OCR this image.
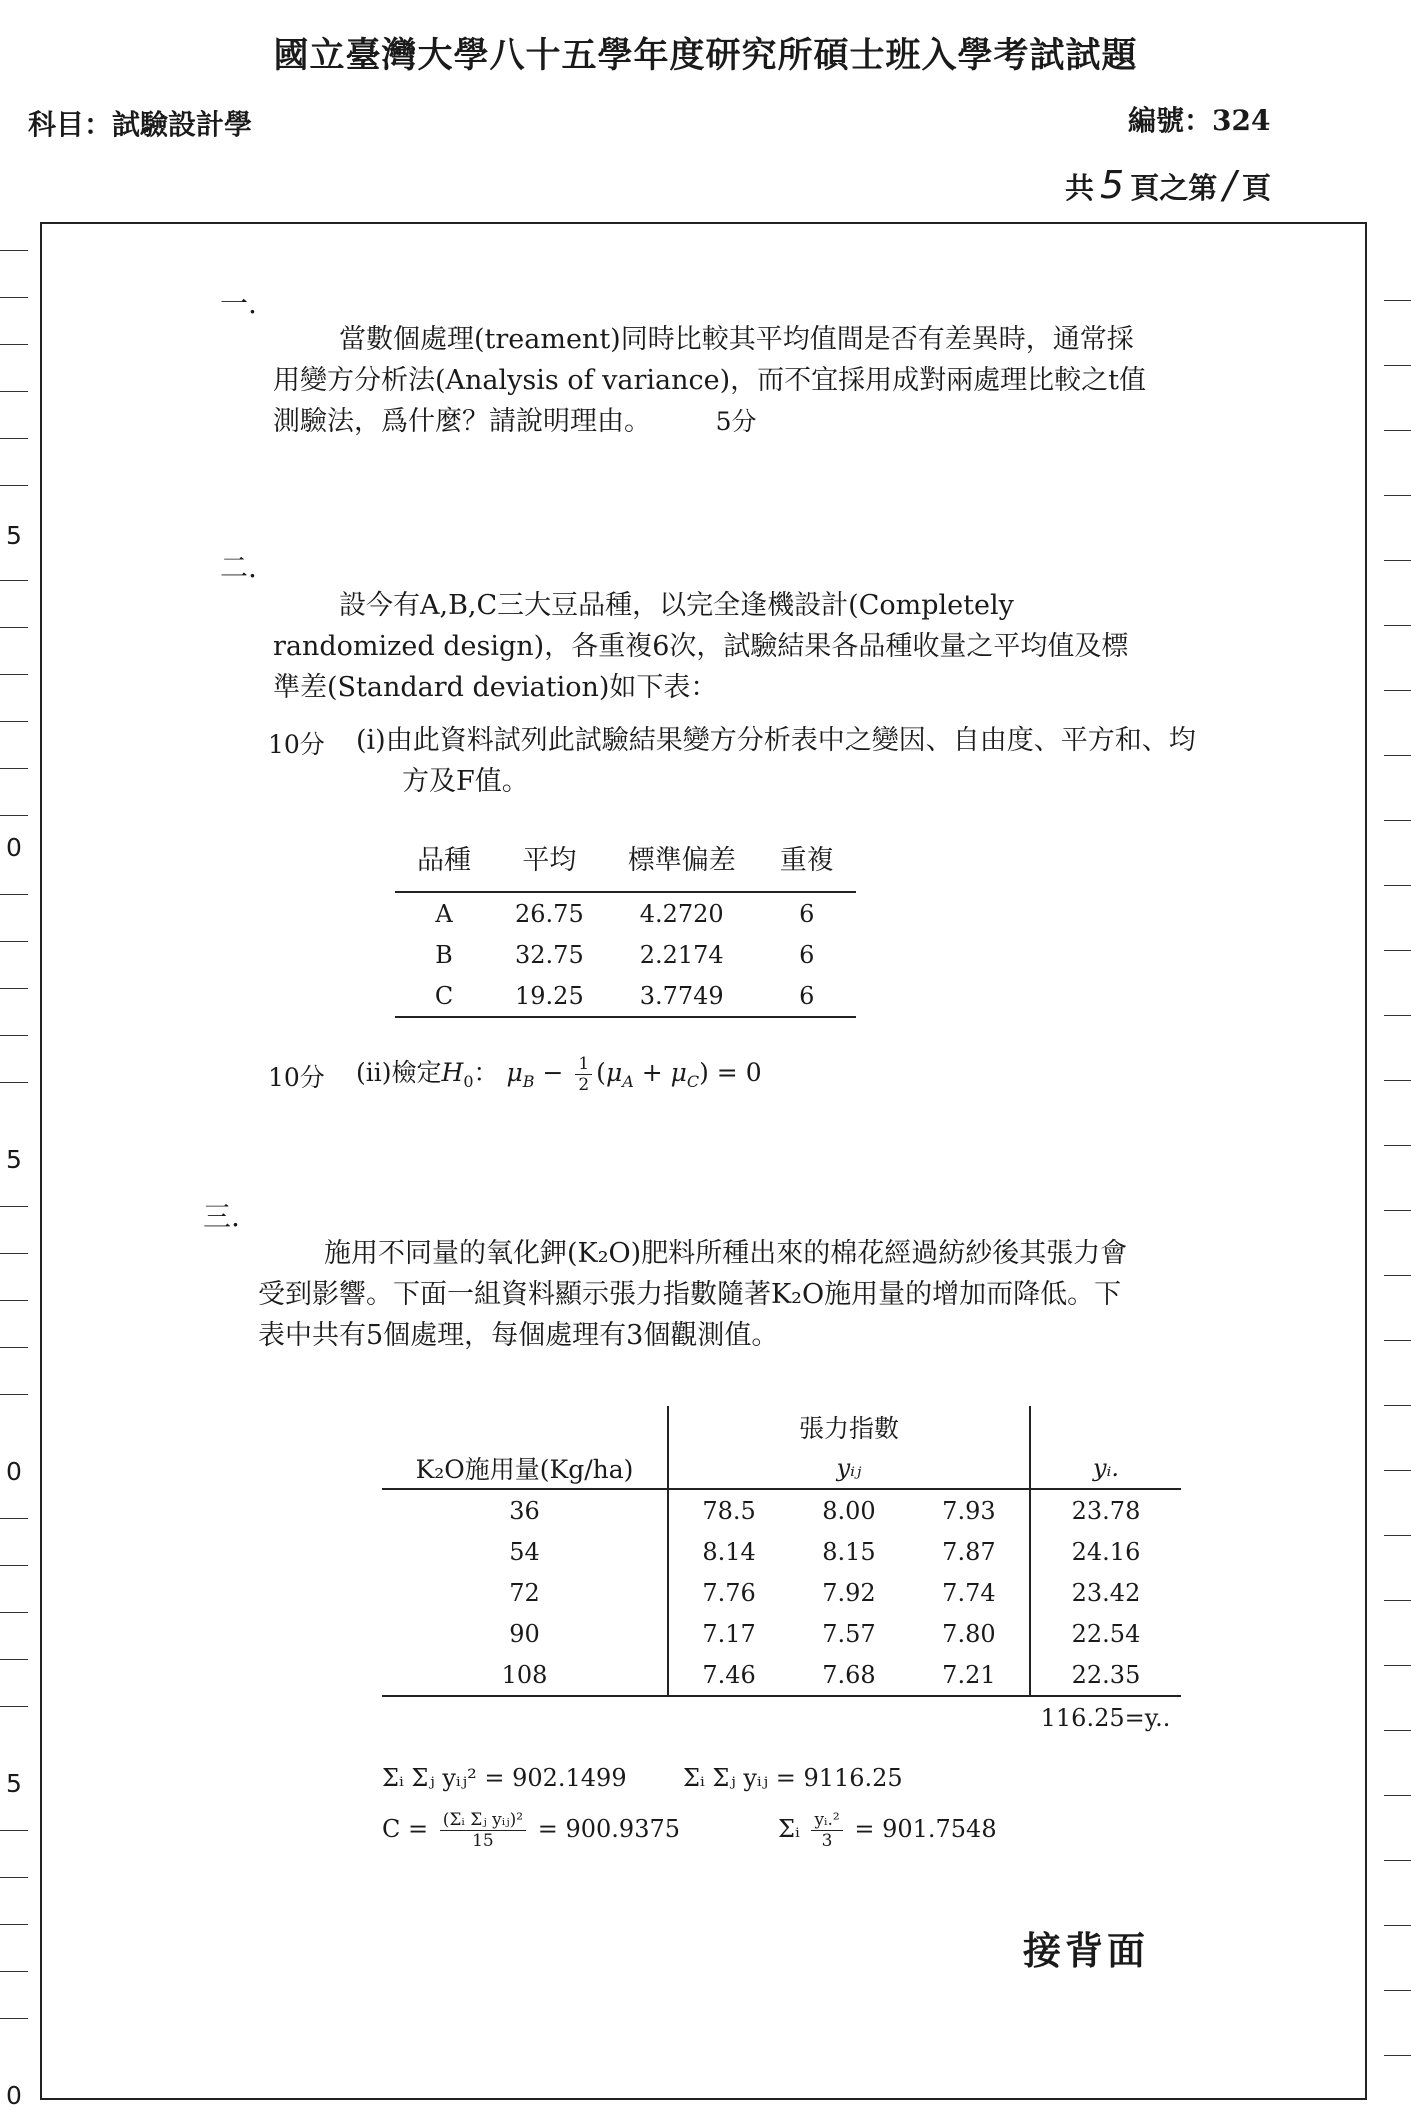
國立臺灣大學八十五學年度研究所碩士班入學考試試題
科目：試驗設計學	編號：324
共 5 頁之第 / 頁
5
0
5
0
5
0
一.
當數個處理(treament)同時比較其平均值間是否有差異時，通常採用變方分析法(Analysis of variance)，而不宜採用成對兩處理比較之t值測驗法，爲什麼？請說明理由。	5分
二.
設今有A,B,C三大豆品種，以完全逢機設計(Completely randomized design)，各重複6次，試驗結果各品種收量之平均值及標準差(Standard deviation)如下表：
10分 (i)由此資料試列此試驗結果變方分析表中之變因、自由度、平方和、均方及F值。
品種	平均	標準偏差	重複
A	26.75	4.2720	6
B	32.75	2.2174	6
C	19.25	3.7749	6
10分 (ii)檢定$H_0$： $\mu_B - \frac{1}{2} (\mu_A + \mu_C) = 0$
三.
施用不同量的氧化鉀(K₂O)肥料所種出來的棉花經過紡紗後其張力會受到影響。下面一組資料顯示張力指數隨著K₂O施用量的增加而降低。下表中共有5個處理，每個處理有3個觀測值。
	張力指數			
K₂O施用量(Kg/ha)	yᵢⱼ			yᵢ.
36	78.5	8.00	7.93	23.78
54	8.14	8.15	7.87	24.16
72	7.76	7.92	7.74	23.42
90	7.17	7.57	7.80	22.54
108	7.46	7.68	7.21	22.35
				116.25=y..
Σᵢ Σⱼ yᵢⱼ² = 902.1499 Σᵢ Σⱼ yᵢⱼ = 9116.25
$C = \frac{\text{(Σᵢ Σⱼ yᵢⱼ)²}}{15} = 900.9375$	Σᵢ $\frac{\text{yᵢ.²}}{3} = 901.7548$
接背面
